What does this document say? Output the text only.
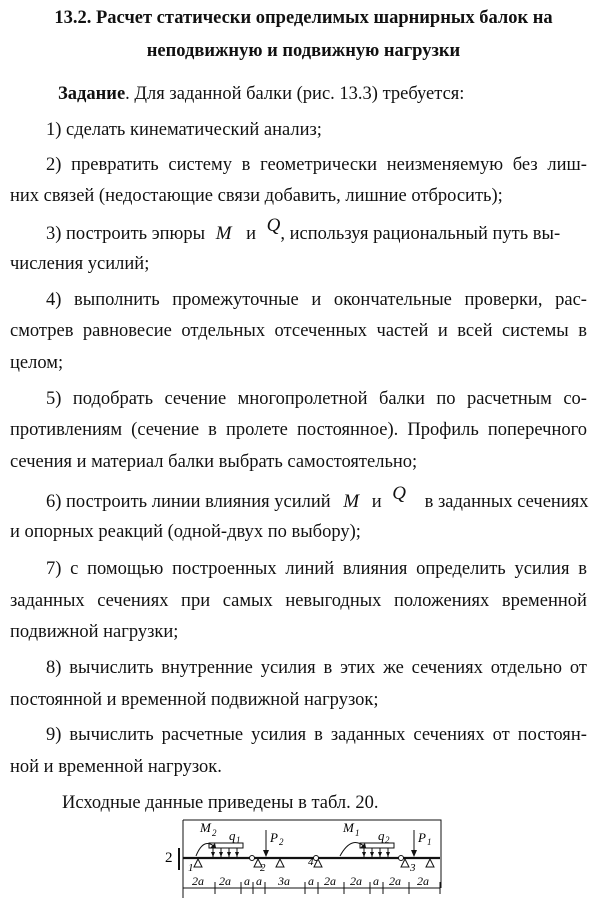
13.2. Расчет статически определимых шарнирных балок на
неподвижную и подвижную нагрузки
Задание. Для заданной балки (рис. 13.3) требуется:
1) сделать кинематический анализ;
2) превратить систему в геометрически неизменяемую без лиш-
них связей (недостающие связи добавить, лишние отбросить);
3) построить эпюры M и Q, используя рациональный путь вы-
числения усилий;
4) выполнить промежуточные и окончательные проверки, рас-
смотрев равновесие отдельных отсеченных частей и всей системы в
целом;
5) подобрать сечение многопролетной балки по расчетным со-
противлениям (сечение в пролете постоянное). Профиль поперечного
сечения и материал балки выбрать самостоятельно;
6) построить линии влияния усилий M и Q в заданных сечениях
и опорных реакций (одной-двух по выбору);
7) с помощью построенных линий влияния определить усилия в
заданных сечениях при самых невыгодных положениях временной
подвижной нагрузки;
8) вычислить внутренние усилия в этих же сечениях отдельно от
постоянной и временной подвижной нагрузок;
9) вычислить расчетные усилия в заданных сечениях от постоян-
ной и временной нагрузок.
Исходные данные приведены в табл. 20.
2
M 2 q 1 P 2
M 1 q 2 P 1
1	2	4	3
2a 2a a a 3a a 2a 2a a 2a 2a
